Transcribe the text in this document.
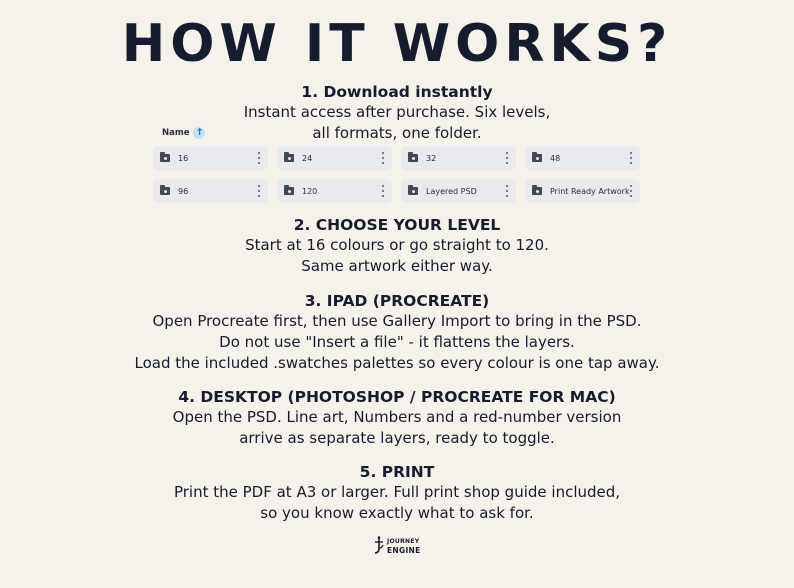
HOW IT WORKS?
1. Download instantly
Instant access after purchase. Six levels,
all formats, one folder.
Name ↑
16	24	32	48
96	120	Layered PSD	Print Ready Artwork
2. CHOOSE YOUR LEVEL
Start at 16 colours or go straight to 120.
Same artwork either way.
3. IPAD (PROCREATE)
Open Procreate first, then use Gallery Import to bring in the PSD.
Do not use "Insert a file" - it flattens the layers.
Load the included .swatches palettes so every colour is one tap away.
4. DESKTOP (PHOTOSHOP / PROCREATE FOR MAC)
Open the PSD. Line art, Numbers and a red-number version
arrive as separate layers, ready to toggle.
5. PRINT
Print the PDF at A3 or larger. Full print shop guide included,
so you know exactly what to ask for.
JOURNEY
ENGINE
